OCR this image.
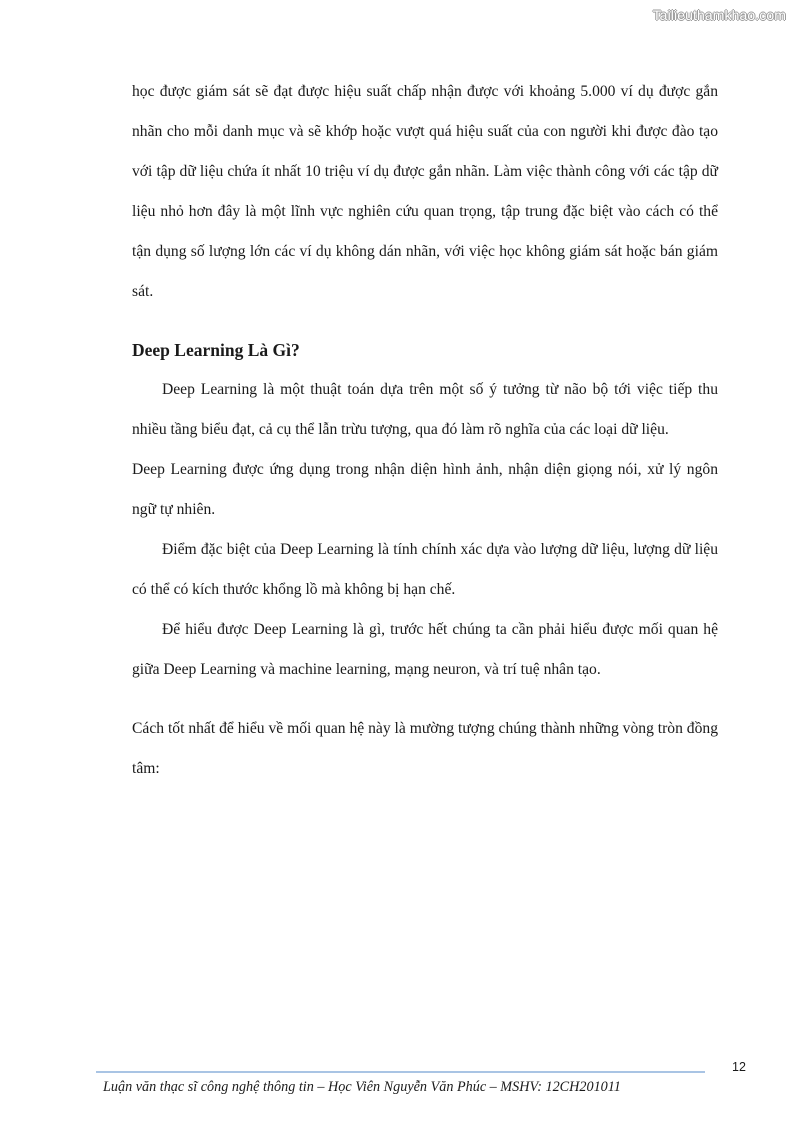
Tailieuthamkhao.com

học được giám sát sẽ đạt được hiệu suất chấp nhận được với khoảng 5.000 ví dụ được gắn nhãn cho mỗi danh mục và sẽ khớp hoặc vượt quá hiệu suất của con người khi được đào tạo với tập dữ liệu chứa ít nhất 10 triệu ví dụ được gắn nhãn. Làm việc thành công với các tập dữ liệu nhỏ hơn đây là một lĩnh vực nghiên cứu quan trọng, tập trung đặc biệt vào cách có thể tận dụng số lượng lớn các ví dụ không dán nhãn, với việc học không giám sát hoặc bán giám sát.

Deep Learning Là Gì?

Deep Learning là một thuật toán dựa trên một số ý tưởng từ não bộ tới việc tiếp thu nhiều tầng biểu đạt, cả cụ thể lẫn trừu tượng, qua đó làm rõ nghĩa của các loại dữ liệu.

Deep Learning được ứng dụng trong nhận diện hình ảnh, nhận diện giọng nói, xử lý ngôn ngữ tự nhiên.

Điểm đặc biệt của Deep Learning là tính chính xác dựa vào lượng dữ liệu, lượng dữ liệu có thể có kích thước khổng lồ mà không bị hạn chế.

Để hiểu được Deep Learning là gì, trước hết chúng ta cần phải hiểu được mối quan hệ giữa Deep Learning và machine learning, mạng neuron, và trí tuệ nhân tạo.

Cách tốt nhất để hiểu về mối quan hệ này là mường tượng chúng thành những vòng tròn đồng tâm:

12
Luận văn thạc sĩ công nghệ thông tin – Học Viên Nguyễn Văn Phúc – MSHV: 12CH201011
